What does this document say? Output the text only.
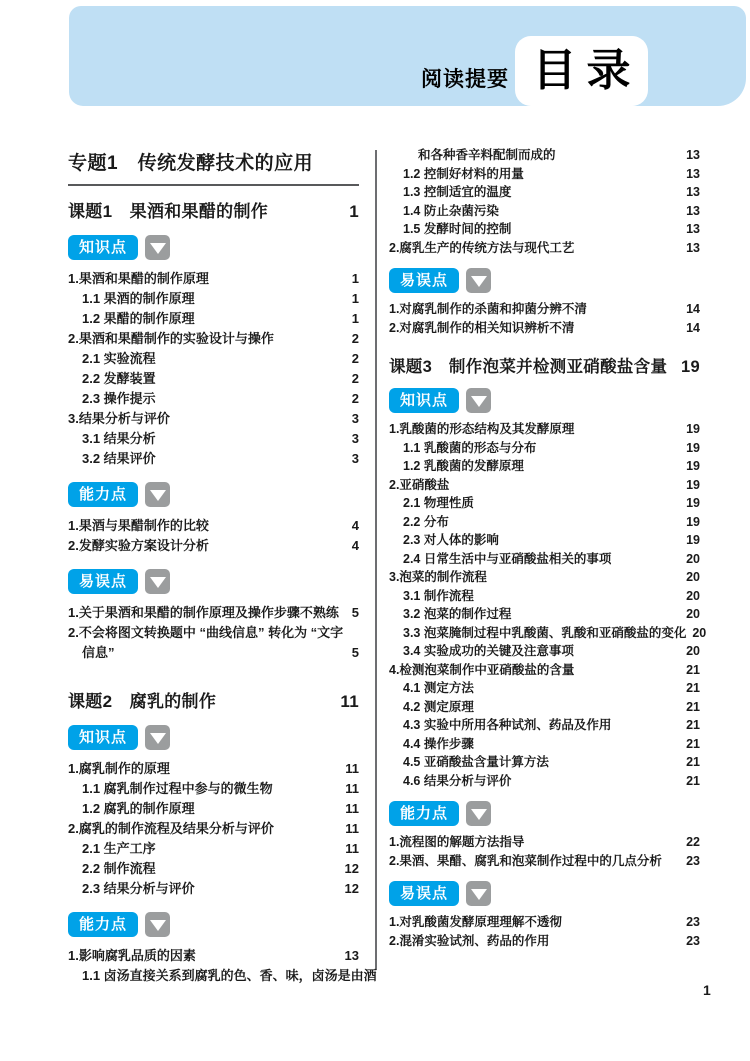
阅读提要 目录
专题1　传统发酵技术的应用
课题1　果酒和果醋的制作	1
知识点
1.果酒和果醋的制作原理	1
1.1 果酒的制作原理	1
1.2 果醋的制作原理	1
2.果酒和果醋制作的实验设计与操作	2
2.1 实验流程	2
2.2 发酵装置	2
2.3 操作提示	2
3.结果分析与评价	3
3.1 结果分析	3
3.2 结果评价	3
能力点
1.果酒与果醋制作的比较	4
2.发酵实验方案设计分析	4
易误点
1.关于果酒和果醋的制作原理及操作步骤不熟练 5
2.不会将图文转换题中 “曲线信息” 转化为 “文字
信息”	5
课题2　腐乳的制作	11
知识点
1.腐乳制作的原理	11
1.1 腐乳制作过程中参与的微生物	11
1.2 腐乳的制作原理	11
2.腐乳的制作流程及结果分析与评价	11
2.1 生产工序	11
2.2 制作流程	12
2.3 结果分析与评价	12
能力点
1.影响腐乳品质的因素	13
1.1 卤汤直接关系到腐乳的色、香、味，卤汤是由酒
和各种香辛料配制而成的	13
1.2 控制好材料的用量	13
1.3 控制适宜的温度	13
1.4 防止杂菌污染	13
1.5 发酵时间的控制	13
2.腐乳生产的传统方法与现代工艺	13
易误点
1.对腐乳制作的杀菌和抑菌分辨不清	14
2.对腐乳制作的相关知识辨析不清	14
课题3　制作泡菜并检测亚硝酸盐含量 19
知识点
1.乳酸菌的形态结构及其发酵原理	19
1.1 乳酸菌的形态与分布	19
1.2 乳酸菌的发酵原理	19
2.亚硝酸盐	19
2.1 物理性质	19
2.2 分布	19
2.3 对人体的影响	19
2.4 日常生活中与亚硝酸盐相关的事项	20
3.泡菜的制作流程	20
3.1 制作流程	20
3.2 泡菜的制作过程	20
3.3 泡菜腌制过程中乳酸菌、乳酸和亚硝酸盐的变化 20
3.4 实验成功的关键及注意事项	20
4.检测泡菜制作中亚硝酸盐的含量	21
4.1 测定方法	21
4.2 测定原理	21
4.3 实验中所用各种试剂、药品及作用	21
4.4 操作步骤	21
4.5 亚硝酸盐含量计算方法	21
4.6 结果分析与评价	21
能力点
1.流程图的解题方法指导	22
2.果酒、果醋、腐乳和泡菜制作过程中的几点分析 23
易误点
1.对乳酸菌发酵原理理解不透彻	23
2.混淆实验试剂、药品的作用	23
1
